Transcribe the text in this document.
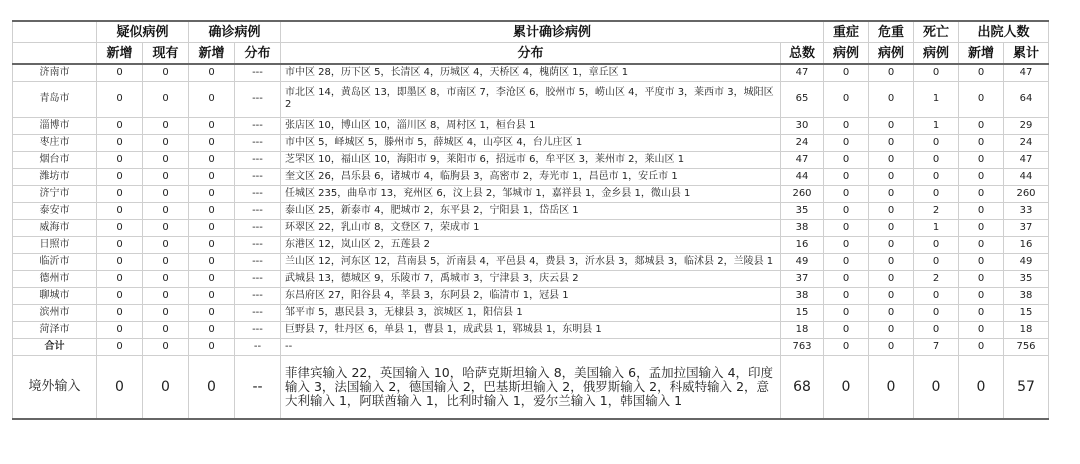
	疑似病例		确诊病例		累计确诊病例		重症	危重	死亡	出院人数	
	新增	现有	新增	分布	分布	总数	病例	病例	病例	新增	累计
济南市	0	0	0	---	市中区 28，历下区 5，长清区 4，历城区 4，天桥区 4，槐荫区 1，章丘区 1	47	0	0	0	0	47
青岛市	0	0	0	---	市北区 14，黄岛区 13，即墨区 8，市南区 7，李沧区 6，胶州市 5，崂山区 4，平度市 3，莱西市 3，城阳区 2	65	0	0	1	0	64
淄博市	0	0	0	---	张店区 10，博山区 10，淄川区 8，周村区 1，桓台县 1	30	0	0	1	0	29
枣庄市	0	0	0	---	市中区 5，峄城区 5，滕州市 5，薛城区 4，山亭区 4，台儿庄区 1	24	0	0	0	0	24
烟台市	0	0	0	---	芝罘区 10，福山区 10，海阳市 9，莱阳市 6，招远市 6，牟平区 3，莱州市 2，莱山区 1	47	0	0	0	0	47
潍坊市	0	0	0	---	奎文区 26，昌乐县 6，诸城市 4，临朐县 3，高密市 2，寿光市 1，昌邑市 1，安丘市 1	44	0	0	0	0	44
济宁市	0	0	0	---	任城区 235，曲阜市 13，兖州区 6，汶上县 2，邹城市 1，嘉祥县 1，金乡县 1，微山县 1	260	0	0	0	0	260
泰安市	0	0	0	---	泰山区 25，新泰市 4，肥城市 2，东平县 2，宁阳县 1，岱岳区 1	35	0	0	2	0	33
威海市	0	0	0	---	环翠区 22，乳山市 8，文登区 7，荣成市 1	38	0	0	1	0	37
日照市	0	0	0	---	东港区 12，岚山区 2，五莲县 2	16	0	0	0	0	16
临沂市	0	0	0	---	兰山区 12，河东区 12，莒南县 5，沂南县 4，平邑县 4，费县 3，沂水县 3，郯城县 3，临沭县 2，兰陵县 1	49	0	0	0	0	49
德州市	0	0	0	---	武城县 13，德城区 9，乐陵市 7，禹城市 3，宁津县 3，庆云县 2	37	0	0	2	0	35
聊城市	0	0	0	---	东昌府区 27，阳谷县 4，莘县 3，东阿县 2，临清市 1，冠县 1	38	0	0	0	0	38
滨州市	0	0	0	---	邹平市 5，惠民县 3，无棣县 3，滨城区 1，阳信县 1	15	0	0	0	0	15
菏泽市	0	0	0	---	巨野县 7，牡丹区 6，单县 1，曹县 1，成武县 1，郓城县 1，东明县 1	18	0	0	0	0	18
合计	0	0	0	--	--	763	0	0	7	0	756
境外输入	0	0	0	--	菲律宾输入 22，英国输入 10，哈萨克斯坦输入 8，美国输入 6，孟加拉国输入 4，印度输入 3，法国输入 2，德国输入 2，巴基斯坦输入 2，俄罗斯输入 2，科威特输入 2，意大利输入 1，阿联酋输入 1，比利时输入 1，爱尔兰输入 1，韩国输入 1	68	0	0	0	0	57
